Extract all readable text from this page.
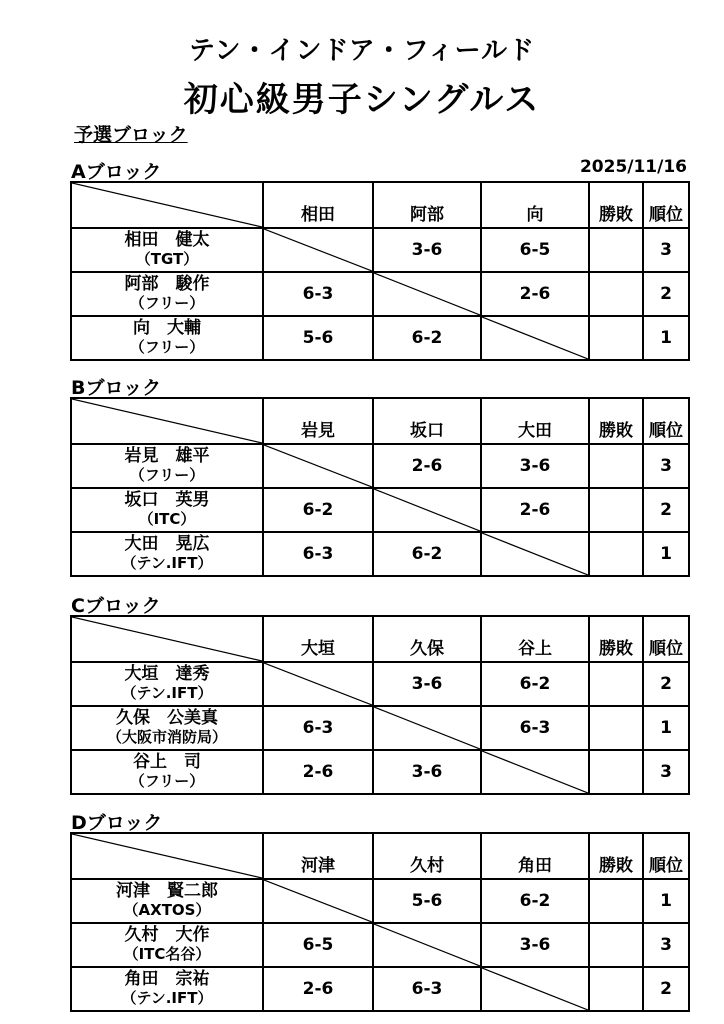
テン・インドア・フィールド
初心級男子シングルス
予選ブロック
2025/11/16
Aブロック
	相田	阿部	向	勝敗	順位

相田　健太
（TGT）		3-6	6-5		3

阿部　駿作
（フリー）	6-3		2-6		2

向　大輔
（フリー）	5-6	6-2			1
Bブロック
	岩見	坂口	大田	勝敗	順位

岩見　雄平
（フリー）		2-6	3-6		3

坂口　英男
（ITC）	6-2		2-6		2

大田　晃広
（テン.IFT）	6-3	6-2			1
Cブロック
	大垣	久保	谷上	勝敗	順位

大垣　達秀
（テン.IFT）		3-6	6-2		2

久保　公美真
（大阪市消防局）	6-3		6-3		1

谷上　司
（フリー）	2-6	3-6			3
Dブロック
	河津	久村	角田	勝敗	順位

河津　賢二郎
（AXTOS）		5-6	6-2		1

久村　大作
（ITC名谷）	6-5		3-6		3

角田　宗祐
（テン.IFT）	2-6	6-3			2
